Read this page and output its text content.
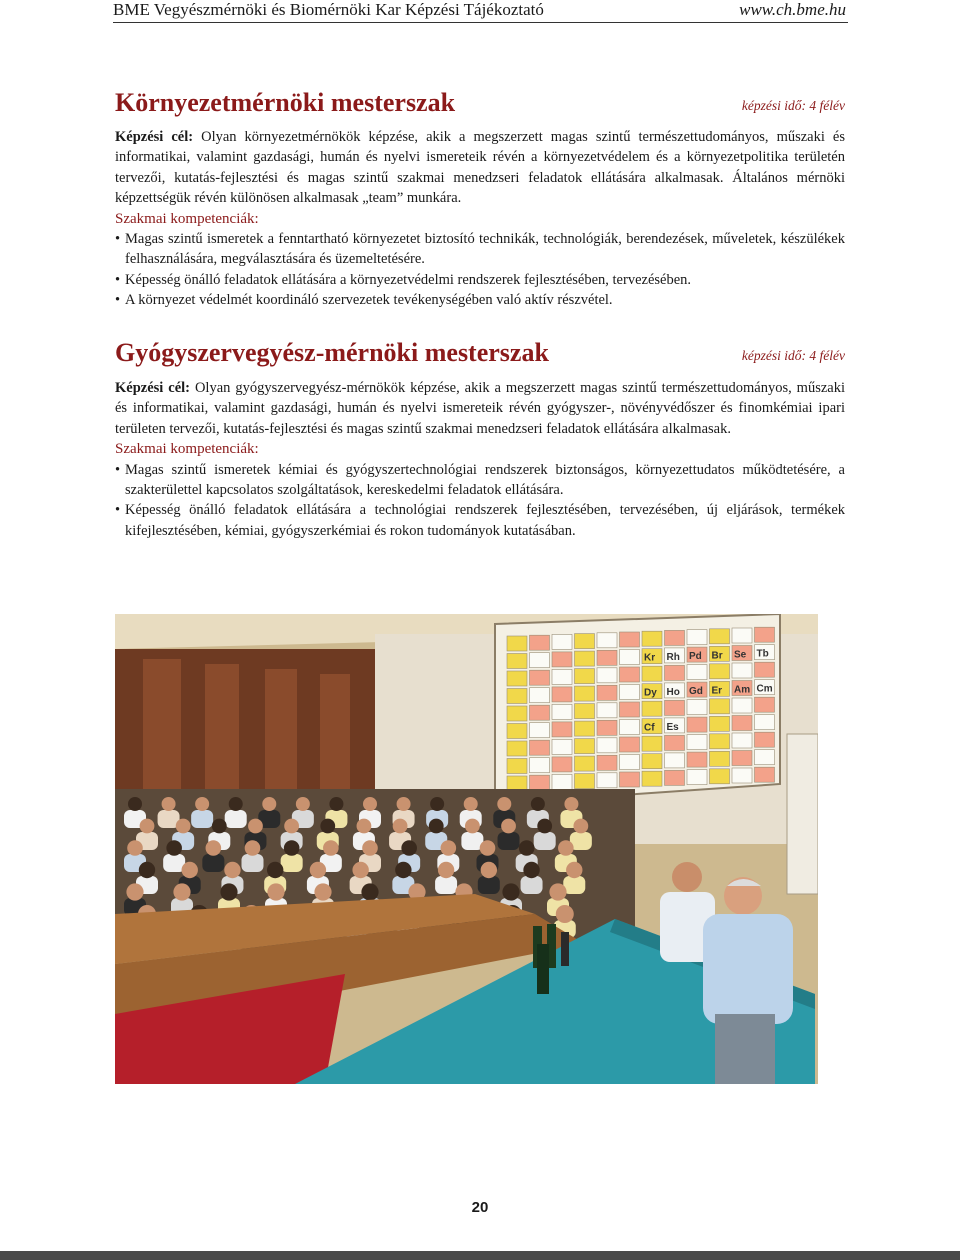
BME Vegyészmérnöki és Biomérnöki Kar Képzési Tájékoztató	www.ch.bme.hu
Környezetmérnöki mesterszak	képzési idő: 4 félév

Képzési cél: Olyan környezetmérnökök képzése, akik a megszerzett magas szintű természettudományos, műszaki és informatikai, valamint gazdasági, humán és nyelvi ismereteik révén a környezetvédelem és a környezetpolitika területén tervezői, kutatás-fejlesztési és magas szintű szakmai menedzseri feladatok ellátására alkalmasak. Általános mérnöki képzettségük révén különösen alkalmasak „team” munkára.

Szakmai kompetenciák:
• Magas szintű ismeretek a fenntartható környezetet biztosító technikák, technológiák, berendezések, műveletek, készülékek felhasználására, megválasztására és üzemeltetésére.
• Képesség önálló feladatok ellátására a környezetvédelmi rendszerek fejlesztésében, tervezésében.
• A környezet védelmét koordináló szervezetek tevékenységében való aktív részvétel.
Gyógyszervegyész-mérnöki mesterszak	képzési idő: 4 félév

Képzési cél: Olyan gyógyszervegyész-mérnökök képzése, akik a megszerzett magas szintű természettudományos, műszaki és informatikai, valamint gazdasági, humán és nyelvi ismereteik révén gyógyszer-, növényvédőszer és finomkémiai ipari területen tervezői, kutatás-fejlesztési és magas szintű szakmai menedzseri feladatok ellátására alkalmasak.

Szakmai kompetenciák:
• Magas szintű ismeretek kémiai és gyógyszertechnológiai rendszerek biztonságos, környezettudatos működtetésére, a szakterülettel kapcsolatos szolgáltatások, kereskedelmi feladatok ellátására.
• Képesség önálló feladatok ellátására a technológiai rendszerek fejlesztésében, tervezésében, új eljárások, termékek kifejlesztésében, kémiai, gyógyszerkémiai és rokon tudományok kutatásában.
Kr Rh Pd Br Se Tb
Dy Ho Gd Er Am Cm
Cf Es
20
